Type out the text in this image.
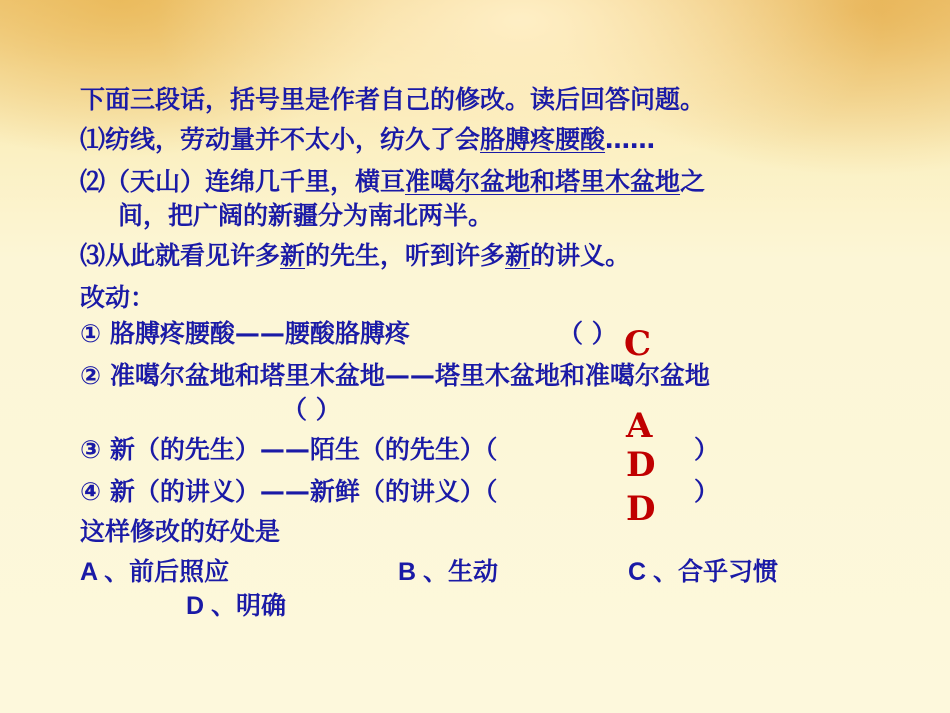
下面三段话，括号里是作者自己的修改。读后回答问题。

⑴纺线，劳动量并不太小，纺久了会胳膊疼腰酸……

⑵（天山）连绵几千里，横亘准噶尔盆地和塔里木盆地之

间，把广阔的新疆分为南北两半。

⑶从此就看见许多新的先生，听到许多新的讲义。

改动：

① 胳膊疼腰酸——腰酸胳膊疼	（ ）

② 准噶尔盆地和塔里木盆地——塔里木盆地和准噶尔盆地

（ ）

③ 新（的先生）——陌生（的先生）（	）

④ 新（的讲义）——新鲜（的讲义）（	）

这样修改的好处是

A 、前后照应	B 、生动	C 、合乎习惯

D 、明确

C
A
D
D
